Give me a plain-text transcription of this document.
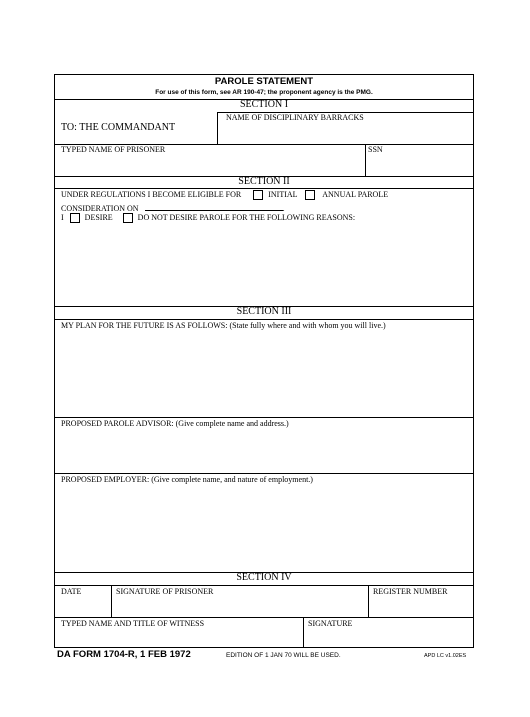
PAROLE STATEMENT
For use of this form, see AR 190-47; the proponent agency is the PMG.
SECTION I
TO: THE COMMANDANT
NAME OF DISCIPLINARY BARRACKS
TYPED NAME OF PRISONER	SSN
SECTION II
UNDER REGULATIONS I BECOME ELIGIBLE FOR	INITIAL	ANNUAL PAROLE
CONSIDERATION ON	.
I	DESIRE	DO NOT DESIRE PAROLE FOR THE FOLLOWING REASONS:
SECTION III
MY PLAN FOR THE FUTURE IS AS FOLLOWS: (State fully where and with whom you will live.)
PROPOSED PAROLE ADVISOR: (Give complete name and address.)
PROPOSED EMPLOYER: (Give complete name, and nature of employment.)
SECTION IV
DATE	SIGNATURE OF PRISONER	REGISTER NUMBER
TYPED NAME AND TITLE OF WITNESS	SIGNATURE
DA FORM 1704-R, 1 FEB 1972	EDITION OF 1 JAN 70 WILL BE USED.	APD LC v1.02ES
